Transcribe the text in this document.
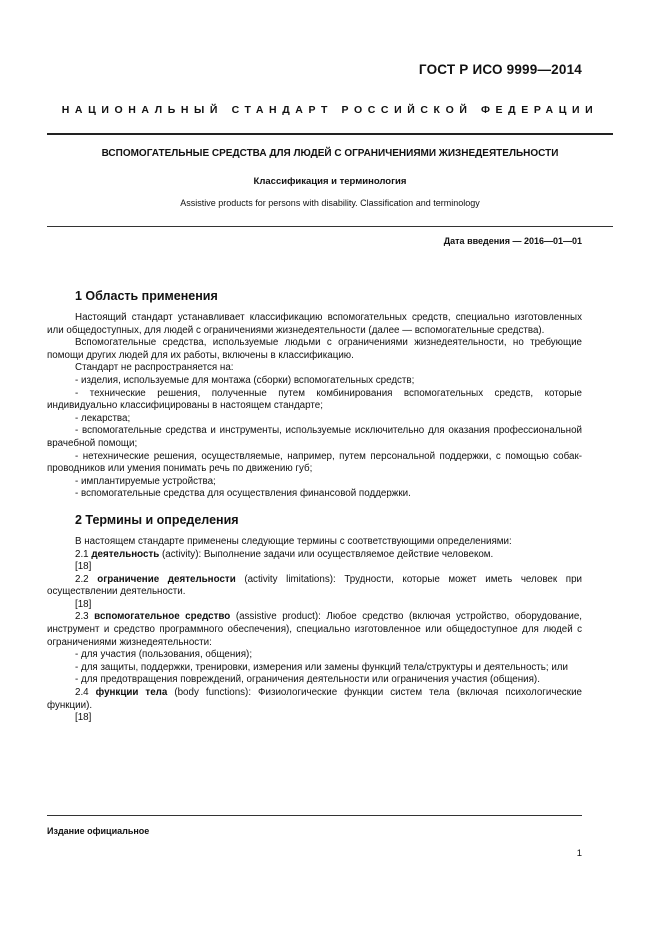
ГОСТ Р ИСО 9999—2014
НАЦИОНАЛЬНЫЙ СТАНДАРТ РОССИЙСКОЙ ФЕДЕРАЦИИ
ВСПОМОГАТЕЛЬНЫЕ СРЕДСТВА ДЛЯ ЛЮДЕЙ С ОГРАНИЧЕНИЯМИ ЖИЗНЕДЕЯТЕЛЬНОСТИ
Классификация и терминология
Assistive products for persons with disability. Classification and terminology
Дата введения — 2016—01—01
1 Область применения

Настоящий стандарт устанавливает классификацию вспомогательных средств, специально изготовленных или общедоступных, для людей с ограничениями жизнедеятельности (далее — вспомогательные средства).

Вспомогательные средства, используемые людьми с ограничениями жизнедеятельности, но требующие помощи других людей для их работы, включены в классификацию.

Стандарт не распространяется на:

- изделия, используемые для монтажа (сборки) вспомогательных средств;

- технические решения, полученные путем комбинирования вспомогательных средств, которые индивидуально классифицированы в настоящем стандарте;

- лекарства;

- вспомогательные средства и инструменты, используемые исключительно для оказания профессиональной врачебной помощи;

- нетехнические решения, осуществляемые, например, путем персональной поддержки, с помощью собак-проводников или умения понимать речь по движению губ;

- имплантируемые устройства;

- вспомогательные средства для осуществления финансовой поддержки.

2 Термины и определения

В настоящем стандарте применены следующие термины с соответствующими определениями:

2.1 деятельность (activity): Выполнение задачи или осуществляемое действие человеком.

[18]

2.2 ограничение деятельности (activity limitations): Трудности, которые может иметь человек при осуществлении деятельности.

[18]

2.3 вспомогательное средство (assistive product): Любое средство (включая устройство, оборудование, инструмент и средство программного обеспечения), специально изготовленное или общедоступное для людей с ограничениями жизнедеятельности:

- для участия (пользования, общения);

- для защиты, поддержки, тренировки, измерения или замены функций тела/структуры и деятельность; или

- для предотвращения повреждений, ограничения деятельности или ограничения участия (общения).

2.4 функции тела (body functions): Физиологические функции систем тела (включая психологические функции).

[18]

Издание официальное
1
